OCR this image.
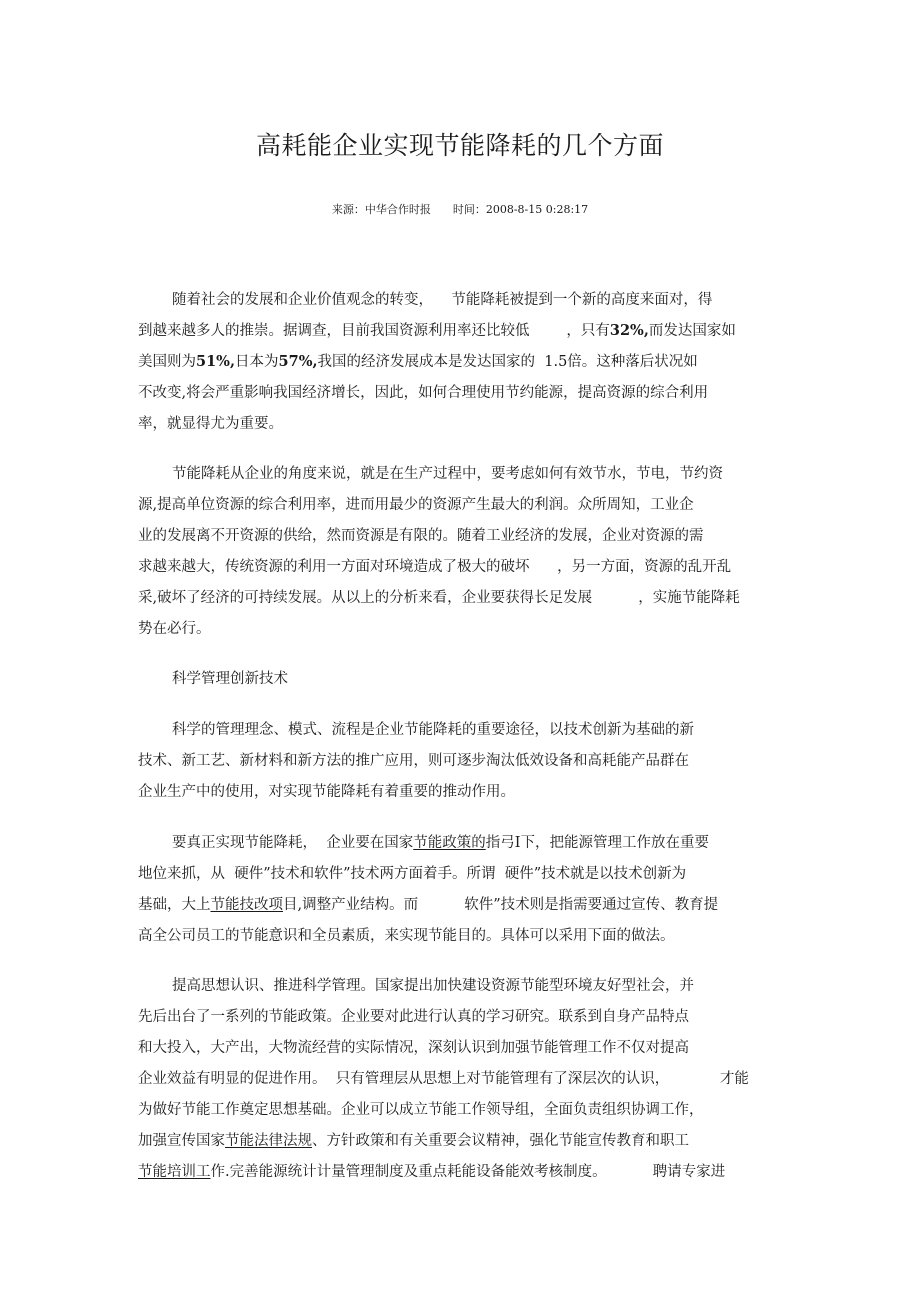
高耗能企业实现节能降耗的几个方面
来源：中华合作时报 时间：2008-8-15 0:28:17
随着社会的发展和企业价值观念的转变，    节能降耗被提到一个新的高度来面对，得
到越来越多人的推崇。据调查，目前我国资源利用率还比较低        ，只有32%,而发达国家如
美国则为51%,日本为57%,我国的经济发展成本是发达国家的  1.5倍。这种落后状况如
不改变,将会严重影响我国经济增长，因此，如何合理使用节约能源，提高资源的综合利用
率，就显得尤为重要。
节能降耗从企业的角度来说，就是在生产过程中，要考虑如何有效节水，节电，节约资
源,提高单位资源的综合利用率，进而用最少的资源产生最大的利润。众所周知，工业企
业的发展离不开资源的供给，然而资源是有限的。随着工业经济的发展，企业对资源的需
求越来越大，传统资源的利用一方面对环境造成了极大的破坏      ，另一方面，资源的乱开乱
采,破坏了经济的可持续发展。从以上的分析来看，企业要获得长足发展          ，实施节能降耗
势在必行。
科学管理创新技术
科学的管理理念、模式、流程是企业节能降耗的重要途径，以技术创新为基础的新
技术、新工艺、新材料和新方法的推广应用，则可逐步淘汰低效设备和高耗能产品群在
企业生产中的使用，对实现节能降耗有着重要的推动作用。
要真正实现节能降耗，  企业要在国家节能政策的指弓I下，把能源管理工作放在重要
地位来抓，从  硬件”技术和软件”技术两方面着手。所谓  硬件”技术就是以技术创新为
基础，大上节能技改项目,调整产业结构。而          软件”技术则是指需要通过宣传、教育提
高全公司员工的节能意识和全员素质，来实现节能目的。具体可以采用下面的做法。
提高思想认识、推进科学管理。国家提出加快建设资源节能型环境友好型社会，并
先后出台了一系列的节能政策。企业要对此进行认真的学习研究。联系到自身产品特点
和大投入，大产出，大物流经营的实际情况，深刻认识到加强节能管理工作不仅对提高
企业效益有明显的促进作用。  只有管理层从思想上对节能管理有了深层次的认识，           才能
为做好节能工作奠定思想基础。企业可以成立节能工作领导组，全面负责组织协调工作，
加强宣传国家节能法律法规、方针政策和有关重要会议精神，强化节能宣传教育和职工
节能培训工作.完善能源统计计量管理制度及重点耗能设备能效考核制度。          聘请专家进
